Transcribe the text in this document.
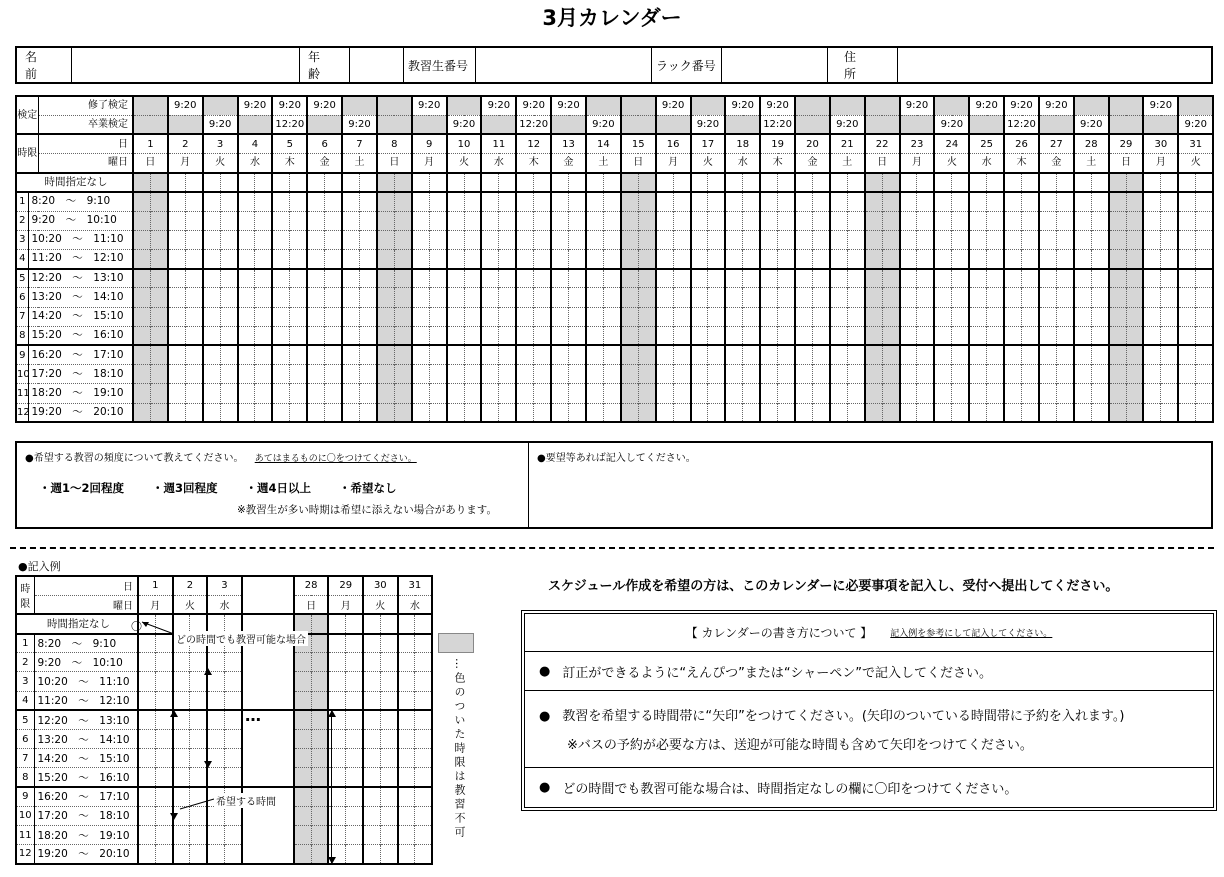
3月カレンダー
名　前
年　齢
教習生番号	ラック番号
住　所
検定	修了検定		9:20		9:20	9:20	9:20			9:20		9:20	9:20	9:20			9:20		9:20	9:20				9:20		9:20	9:20	9:20			9:20	
卒業検定			9:20		12:20		9:20			9:20		12:20		9:20			9:20		12:20		9:20			9:20		12:20		9:20			9:20
時限	日	1	2	3	4	5	6	7	8	9	10	11	12	13	14	15	16	17	18	19	20	21	22	23	24	25	26	27	28	29	30	31
曜日	日	月	火	水	木	金	土	日	月	火	水	木	金	土	日	月	火	水	木	金	土	日	月	火	水	木	金	土	日	月	火
時間指定なし																																																														
1	8:20　～　9:10																																																														
2	9:20　～　10:10																																																														
3	10:20　～　11:10																																																														
4	11:20　～　12:10																																																														
5	12:20　～　13:10																																																														
6	13:20　～　14:10																																																														
7	14:20　～　15:10																																																														
8	15:20　～　16:10																																																														
9	16:20　～　17:10																																																														
10	17:20　～　18:10																																																														
11	18:20　～　19:10																																																														
12	19:20　～　20:10																																																														
●希望する教習の頻度について教えてください。 あてはまるものに〇をつけてください。
・週1～2回程度 ・週3回程度 ・週4日以上 ・希望なし
※教習生が多い時期は希望に添えない場合があります。
●要望等あれば記入してください。
●記入例
時限	日	1		2		3			28		29		30		31	
	曜日	月		火		水			日		月		火		水	
時間指定なし																
1	8:20　～　9:10															
2	9:20　～　10:10															
3	10:20　～　11:10															
4	11:20　～　12:10															
5	12:20　～　13:10															
6	13:20　～　14:10															
7	14:20　～　15:10															
8	15:20　～　16:10															
9	16:20　～　17:10															
10	17:20　～　18:10															
11	18:20　～　19:10															
12	19:20　～　20:10															
〇
どの時間でも教習可能な場合
希望する時間
…	…色のついた時限は教習不可
スケジュール作成を希望の方は、このカレンダーに必要事項を記入し、受付へ提出してください。
【 カレンダーの書き方について 】 記入例を参考にして記入してください。
● 訂正ができるように“えんぴつ”または“シャーペン”で記入してください。
● 教習を希望する時間帯に“矢印”をつけてください。(矢印のついている時間帯に予約を入れます。)
※バスの予約が必要な方は、送迎が可能な時間も含めて矢印をつけてください。
● どの時間でも教習可能な場合は、時間指定なしの欄に〇印をつけてください。
